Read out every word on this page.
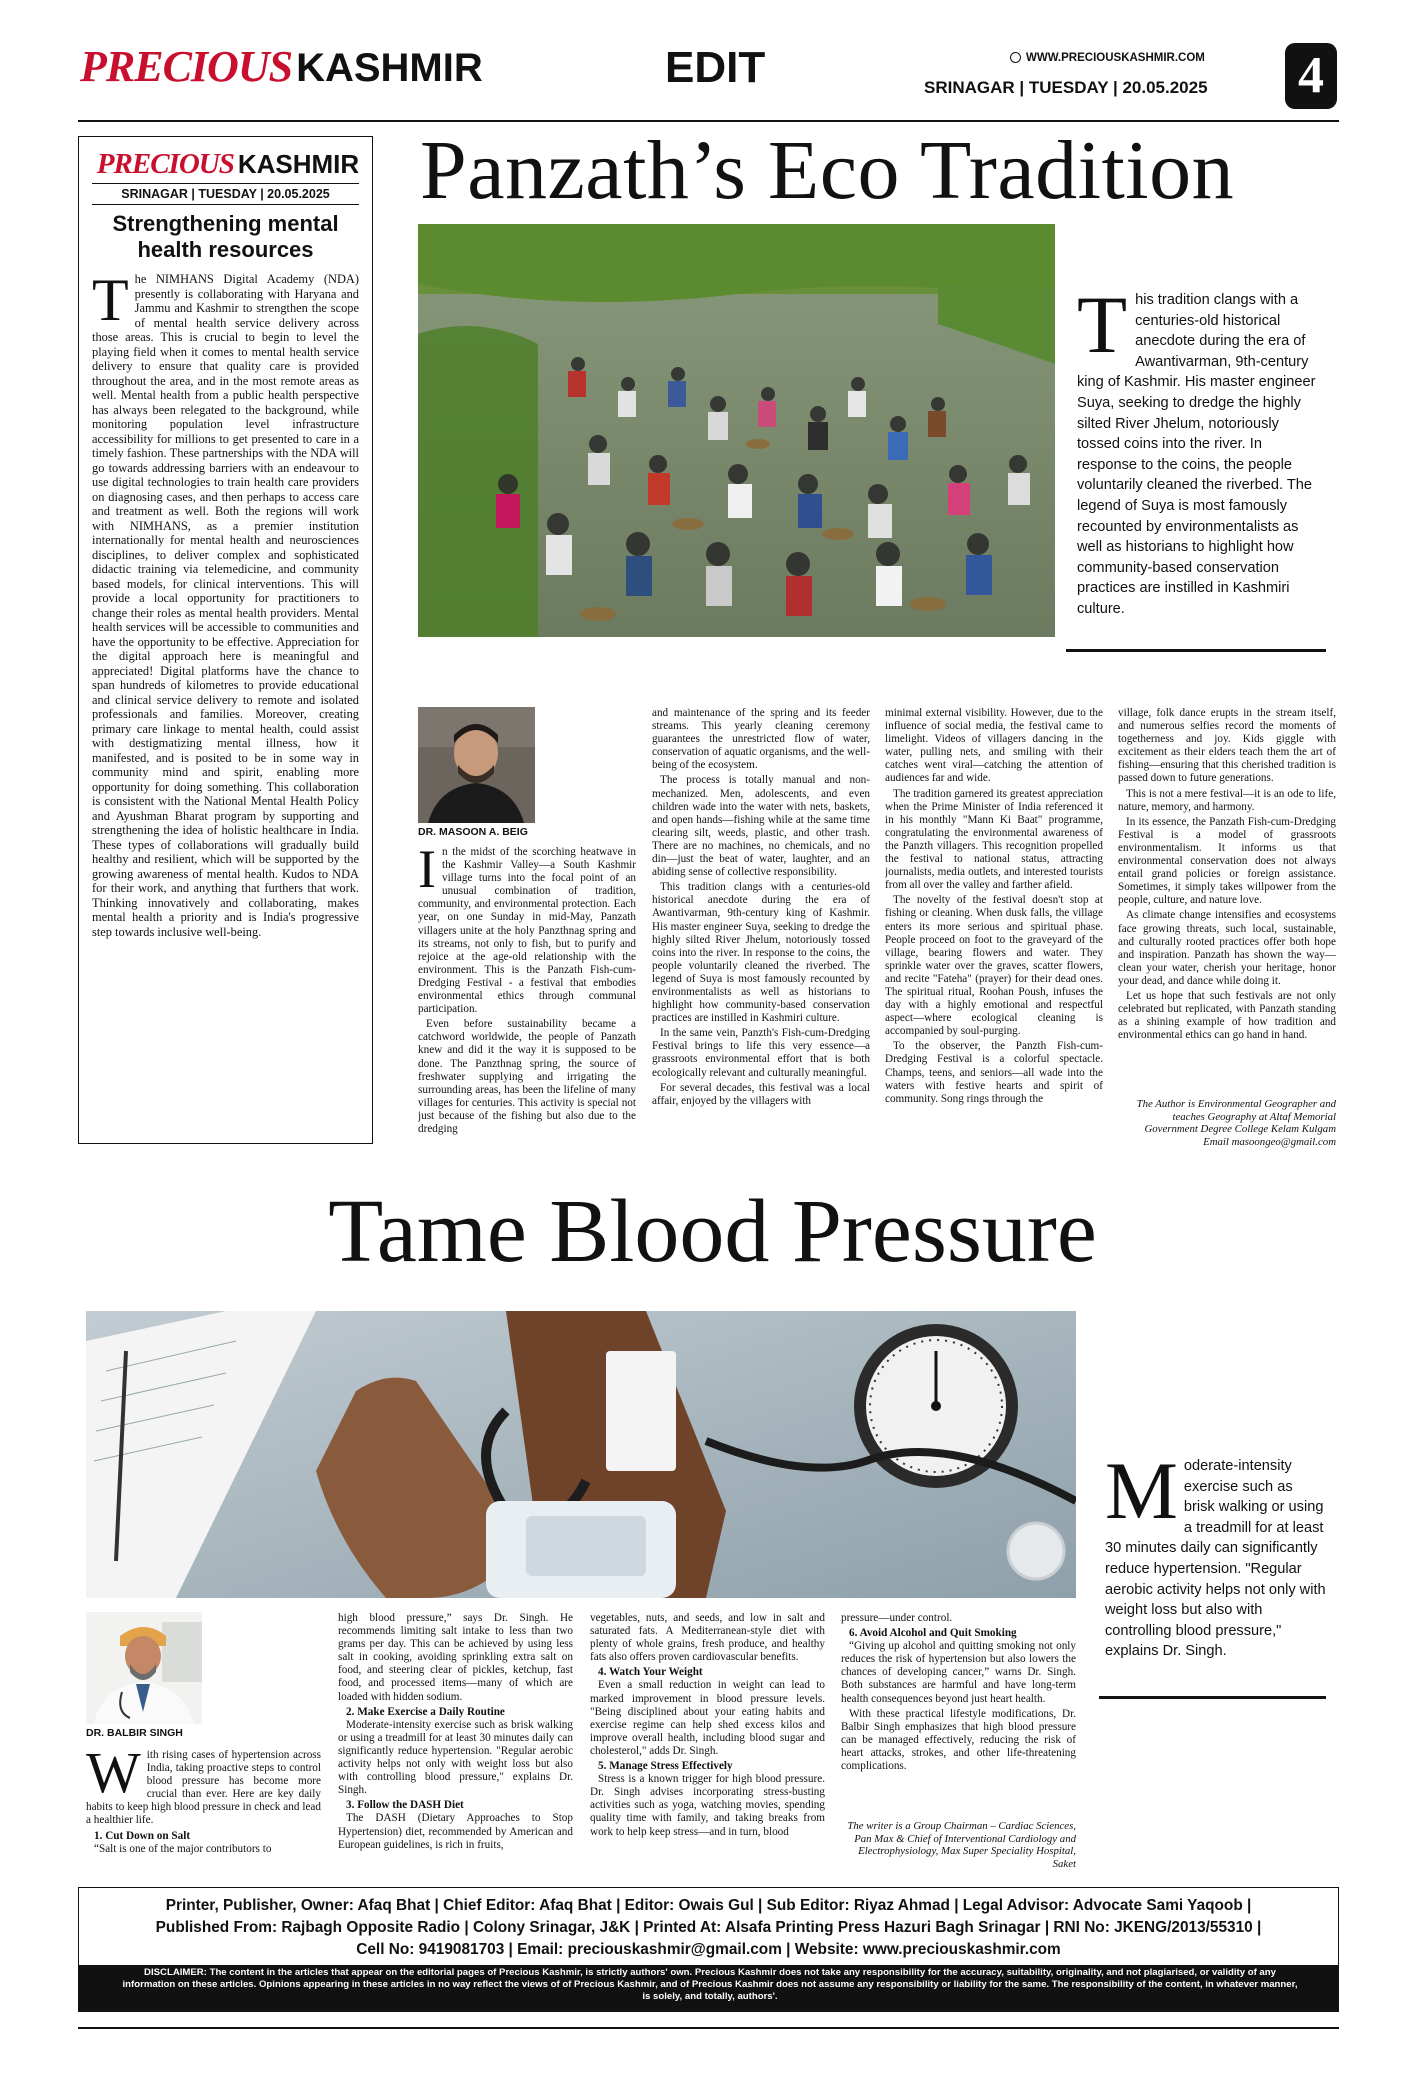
PRECIOUS KASHMIR	EDIT	WWW.PRECIOUSKASHMIR.COM
SRINAGAR | TUESDAY | 20.05.2025 4
PRECIOUS KASHMIR
SRINAGAR | TUESDAY | 20.05.2025
Strengthening mental health resources
The NIMHANS Digital Academy (NDA) presently is collaborating with Haryana and Jammu and Kashmir to strengthen the scope of mental health service delivery across those areas. This is crucial to begin to level the playing field when it comes to mental health service delivery to ensure that quality care is provided throughout the area, and in the most remote areas as well. Mental health from a public health perspective has always been relegated to the background, while monitoring population level infrastructure accessibility for millions to get presented to care in a timely fashion. These partnerships with the NDA will go towards addressing barriers with an endeavour to use digital technologies to train health care providers on diagnosing cases, and then perhaps to access care and treatment as well. Both the regions will work with NIMHANS, as a premier institution internationally for mental health and neurosciences disciplines, to deliver complex and sophisticated didactic training via telemedicine, and community based models, for clinical interventions. This will provide a local opportunity for practitioners to change their roles as mental health providers. Mental health services will be accessible to communities and have the opportunity to be effective. Appreciation for the digital approach here is meaningful and appreciated! Digital platforms have the chance to span hundreds of kilometres to provide educational and clinical service delivery to remote and isolated professionals and families. Moreover, creating primary care linkage to mental health, could assist with destigmatizing mental illness, how it manifested, and is posited to be in some way in community mind and spirit, enabling more opportunity for doing something. This collaboration is consistent with the National Mental Health Policy and Ayushman Bharat program by supporting and strengthening the idea of holistic healthcare in India. These types of collaborations will gradually build healthy and resilient, which will be supported by the growing awareness of mental health. Kudos to NDA for their work, and anything that furthers that work. Thinking innovatively and collaborating, makes mental health a priority and is India's progressive step towards inclusive well-being.
Panzath’s Eco Tradition
This tradition clangs with a centuries-old historical anecdote during the era of Awantivarman, 9th-century king of Kashmir. His master engineer Suya, seeking to dredge the highly silted River Jhelum, notoriously tossed coins into the river. In response to the coins, the people voluntarily cleaned the riverbed. The legend of Suya is most famously recounted by environmentalists as well as historians to highlight how community-based conservation practices are instilled in Kashmiri culture.
DR. MASOON A. BEIG
I n the midst of the scorching heatwave in the Kashmir Valley—a South Kashmir village turns into the focal point of an unusual combination of tradition, community, and environmental protection. Each year, on one Sunday in mid-May, Panzath villagers unite at the holy Panzthnag spring and its streams, not only to fish, but to purify and rejoice at the age-old relationship with the environment. This is the Panzath Fish-cum-Dredging Festival - a festival that embodies environmental ethics through communal participation.

Even before sustainability became a catchword worldwide, the people of Panzath knew and did it the way it is supposed to be done. The Panzthnag spring, the source of freshwater supplying and irrigating the surrounding areas, has been the lifeline of many villages for centuries. This activity is special not just because of the fishing but also due to the dredging

and maintenance of the spring and its feeder streams. This yearly cleaning ceremony guarantees the unrestricted flow of water, conservation of aquatic organisms, and the well-being of the ecosystem.

The process is totally manual and non-mechanized. Men, adolescents, and even children wade into the water with nets, baskets, and open hands—fishing while at the same time clearing silt, weeds, plastic, and other trash. There are no machines, no chemicals, and no din—just the beat of water, laughter, and an abiding sense of collective responsibility.

This tradition clangs with a centuries-old historical anecdote during the era of Awantivarman, 9th-century king of Kashmir. His master engineer Suya, seeking to dredge the highly silted River Jhelum, notoriously tossed coins into the river. In response to the coins, the people voluntarily cleaned the riverbed. The legend of Suya is most famously recounted by environmentalists as well as historians to highlight how community-based conservation practices are instilled in Kashmiri culture.

In the same vein, Panzth's Fish-cum-Dredging Festival brings to life this very essence—a grassroots environmental effort that is both ecologically relevant and culturally meaningful.

For several decades, this festival was a local affair, enjoyed by the villagers with

minimal external visibility. However, due to the influence of social media, the festival came to limelight. Videos of villagers dancing in the water, pulling nets, and smiling with their catches went viral—catching the attention of audiences far and wide.

The tradition garnered its greatest appreciation when the Prime Minister of India referenced it in his monthly "Mann Ki Baat" programme, congratulating the environmental awareness of the Panzth villagers. This recognition propelled the festival to national status, attracting journalists, media outlets, and interested tourists from all over the valley and farther afield.

The novelty of the festival doesn't stop at fishing or cleaning. When dusk falls, the village enters its more serious and spiritual phase. People proceed on foot to the graveyard of the village, bearing flowers and water. They sprinkle water over the graves, scatter flowers, and recite "Fateha" (prayer) for their dead ones. The spiritual ritual, Roohan Poush, infuses the day with a highly emotional and respectful aspect—where ecological cleaning is accompanied by soul-purging.

To the observer, the Panzth Fish-cum-Dredging Festival is a colorful spectacle. Champs, teens, and seniors—all wade into the waters with festive hearts and spirit of community. Song rings through the

village, folk dance erupts in the stream itself, and numerous selfies record the moments of togetherness and joy. Kids giggle with excitement as their elders teach them the art of fishing—ensuring that this cherished tradition is passed down to future generations.

This is not a mere festival—it is an ode to life, nature, memory, and harmony.

In its essence, the Panzath Fish-cum-Dredging Festival is a model of grassroots environmentalism. It informs us that environmental conservation does not always entail grand policies or foreign assistance. Sometimes, it simply takes willpower from the people, culture, and nature love.

As climate change intensifies and ecosystems face growing threats, such local, sustainable, and culturally rooted practices offer both hope and inspiration. Panzath has shown the way—clean your water, cherish your heritage, honor your dead, and dance while doing it.

Let us hope that such festivals are not only celebrated but replicated, with Panzath standing as a shining example of how tradition and environmental ethics can go hand in hand.

The Author is Environmental Geographer and teaches Geography at Altaf Memorial Government Degree College Kelam Kulgam
Email masoongeo@gmail.com
Tame Blood Pressure
Moderate-intensity exercise such as brisk walking or using a treadmill for at least 30 minutes daily can significantly reduce hypertension. "Regular aerobic activity helps not only with weight loss but also with controlling blood pressure," explains Dr. Singh.
DR. BALBIR SINGH
W ith rising cases of hypertension across India, taking proactive steps to control blood pressure has become more crucial than ever. Here are key daily habits to keep high blood pressure in check and lead a healthier life.

1. Cut Down on Salt

“Salt is one of the major contributors to

high blood pressure,” says Dr. Singh. He recommends limiting salt intake to less than two grams per day. This can be achieved by using less salt in cooking, avoiding sprinkling extra salt on food, and steering clear of pickles, ketchup, fast food, and processed items—many of which are loaded with hidden sodium.

2. Make Exercise a Daily Routine

Moderate-intensity exercise such as brisk walking or using a treadmill for at least 30 minutes daily can significantly reduce hypertension. "Regular aerobic activity helps not only with weight loss but also with controlling blood pressure," explains Dr. Singh.

3. Follow the DASH Diet

The DASH (Dietary Approaches to Stop Hypertension) diet, recommended by American and European guidelines, is rich in fruits,

vegetables, nuts, and seeds, and low in salt and saturated fats. A Mediterranean-style diet with plenty of whole grains, fresh produce, and healthy fats also offers proven cardiovascular benefits.

4. Watch Your Weight

Even a small reduction in weight can lead to marked improvement in blood pressure levels. "Being disciplined about your eating habits and exercise regime can help shed excess kilos and improve overall health, including blood sugar and cholesterol," adds Dr. Singh.

5. Manage Stress Effectively

Stress is a known trigger for high blood pressure. Dr. Singh advises incorporating stress-busting activities such as yoga, watching movies, spending quality time with family, and taking breaks from work to help keep stress—and in turn, blood

pressure—under control.

6. Avoid Alcohol and Quit Smoking

“Giving up alcohol and quitting smoking not only reduces the risk of hypertension but also lowers the chances of developing cancer,” warns Dr. Singh. Both substances are harmful and have long-term health consequences beyond just heart health.

With these practical lifestyle modifications, Dr. Balbir Singh emphasizes that high blood pressure can be managed effectively, reducing the risk of heart attacks, strokes, and other life-threatening complications.

The writer is a Group Chairman – Cardiac Sciences, Pan Max & Chief of Interventional Cardiology and Electrophysiology, Max Super Speciality Hospital, Saket
Printer, Publisher, Owner: Afaq Bhat | Chief Editor: Afaq Bhat | Editor: Owais Gul | Sub Editor: Riyaz Ahmad | Legal Advisor: Advocate Sami Yaqoob |
Published From: Rajbagh Opposite Radio | Colony Srinagar, J&K | Printed At: Alsafa Printing Press Hazuri Bagh Srinagar | RNI No: JKENG/2013/55310 |
Cell No: 9419081703 | Email: preciouskashmir@gmail.com | Website: www.preciouskashmir.com
DISCLAIMER: The content in the articles that appear on the editorial pages of Precious Kashmir, is strictly authors' own. Precious Kashmir does not take any responsibility for the accuracy, suitability, originality, and not plagiarised, or validity of any information on these articles. Opinions appearing in these articles in no way reflect the views of of Precious Kashmir, and of Precious Kashmir does not assume any responsibility or liability for the same. The responsibility of the content, in whatever manner, is solely, and totally, authors'.
